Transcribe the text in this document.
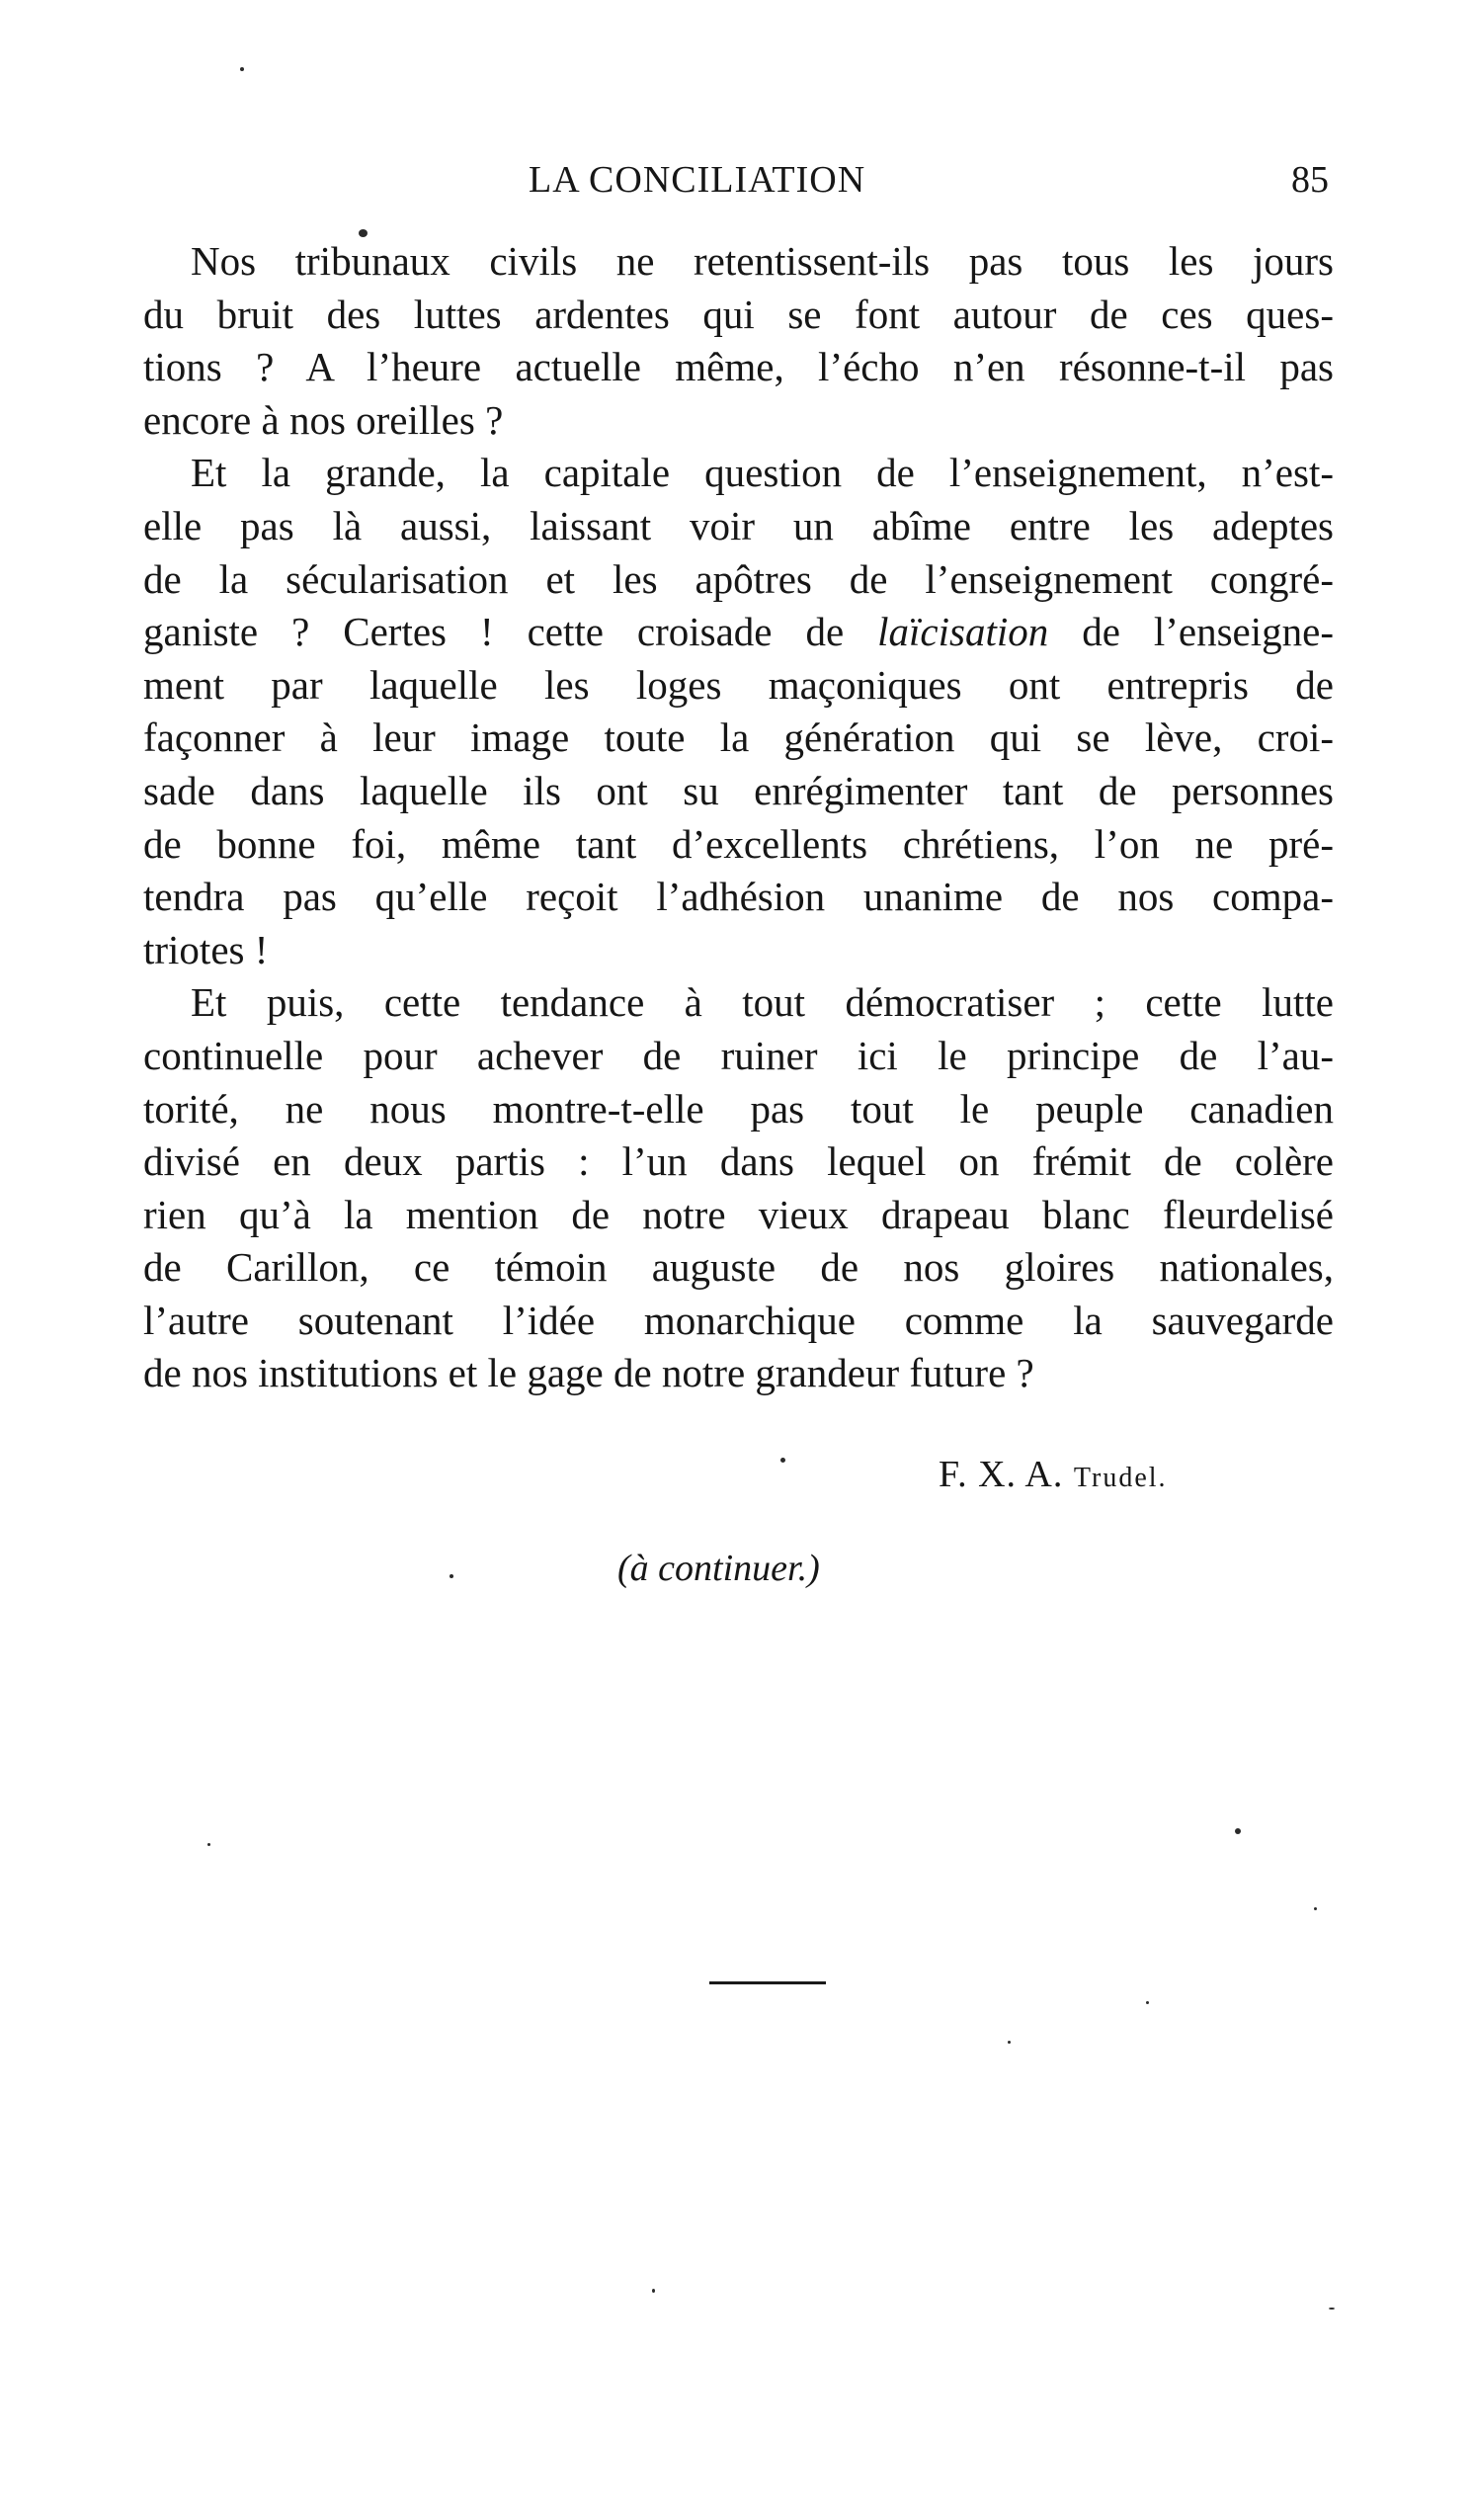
LA CONCILIATION	85
Nos tribunaux civils ne retentissent-ils pas tous les jours
du bruit des luttes ardentes qui se font autour de ces ques-
tions ? A l’heure actuelle même, l’écho n’en résonne-t-il pas
encore à nos oreilles ?
Et la grande, la capitale question de l’enseignement, n’est-
elle pas là aussi, laissant voir un abîme entre les adeptes
de la sécularisation et les apôtres de l’enseignement congré-
ganiste ? Certes ! cette croisade de laïcisation de l’enseigne-
ment par laquelle les loges maçoniques ont entrepris de
façonner à leur image toute la génération qui se lève, croi-
sade dans laquelle ils ont su enrégimenter tant de personnes
de bonne foi, même tant d’excellents chrétiens, l’on ne pré-
tendra pas qu’elle reçoit l’adhésion unanime de nos compa-
triotes !
Et puis, cette tendance à tout démocratiser ; cette lutte
continuelle pour achever de ruiner ici le principe de l’au-
torité, ne nous montre-t-elle pas tout le peuple canadien
divisé en deux partis : l’un dans lequel on frémit de colère
rien qu’à la mention de notre vieux drapeau blanc fleurdelisé
de Carillon, ce témoin auguste de nos gloires nationales,
l’autre soutenant l’idée monarchique comme la sauvegarde
de nos institutions et le gage de notre grandeur future ?
F. X. A. Trudel.
(à continuer.)
